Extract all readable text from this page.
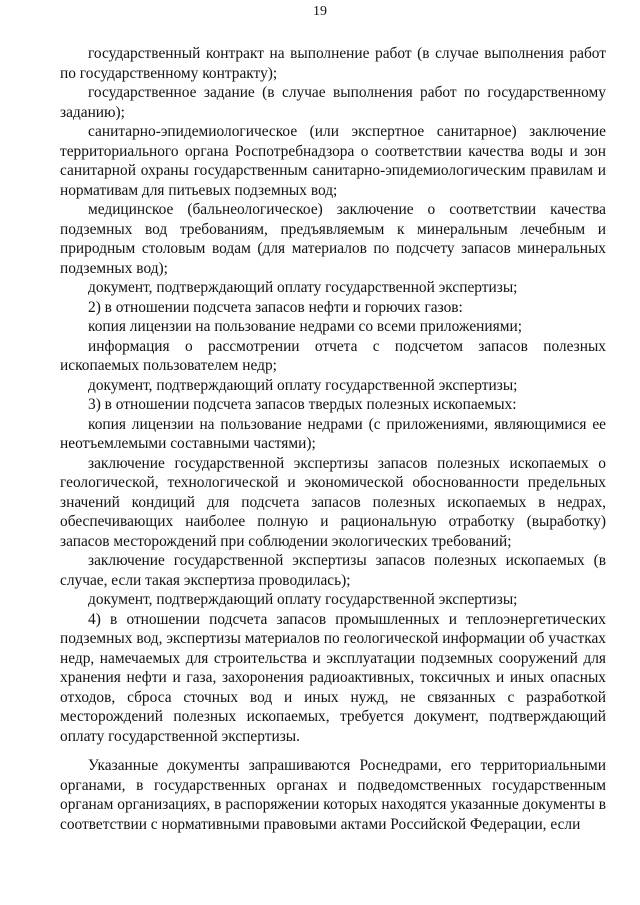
19

государственный контракт на выполнение работ (в случае выполнения работ по государственному контракту);

государственное задание (в случае выполнения работ по государственному заданию);

санитарно-эпидемиологическое (или экспертное санитарное) заключение территориального органа Роспотребнадзора о соответствии качества воды и зон санитарной охраны государственным санитарно-эпидемиологическим правилам и нормативам для питьевых подземных вод;

медицинское (бальнеологическое) заключение о соответствии качества подземных вод требованиям, предъявляемым к минеральным лечебным и природным столовым водам (для материалов по подсчету запасов минеральных подземных вод);

документ, подтверждающий оплату государственной экспертизы;

2) в отношении подсчета запасов нефти и горючих газов:

копия лицензии на пользование недрами со всеми приложениями;

информация о рассмотрении отчета с подсчетом запасов полезных ископаемых пользователем недр;

документ, подтверждающий оплату государственной экспертизы;

3) в отношении подсчета запасов твердых полезных ископаемых:

копия лицензии на пользование недрами (с приложениями, являющимися ее неотъемлемыми составными частями);

заключение государственной экспертизы запасов полезных ископаемых о геологической, технологической и экономической обоснованности предельных значений кондиций для подсчета запасов полезных ископаемых в недрах, обеспечивающих наиболее полную и рациональную отработку (выработку) запасов месторождений при соблюдении экологических требований;

заключение государственной экспертизы запасов полезных ископаемых (в случае, если такая экспертиза проводилась);

документ, подтверждающий оплату государственной экспертизы;

4) в отношении подсчета запасов промышленных и теплоэнергетических подземных вод, экспертизы материалов по геологической информации об участках недр, намечаемых для строительства и эксплуатации подземных сооружений для хранения нефти и газа, захоронения радиоактивных, токсичных и иных опасных отходов, сброса сточных вод и иных нужд, не связанных с разработкой месторождений полезных ископаемых, требуется документ, подтверждающий оплату государственной экспертизы.

Указанные документы запрашиваются Роснедрами, его территориальными органами, в государственных органах и подведомственных государственным органам организациях, в распоряжении которых находятся указанные документы в соответствии с нормативными правовыми актами Российской Федерации, если
